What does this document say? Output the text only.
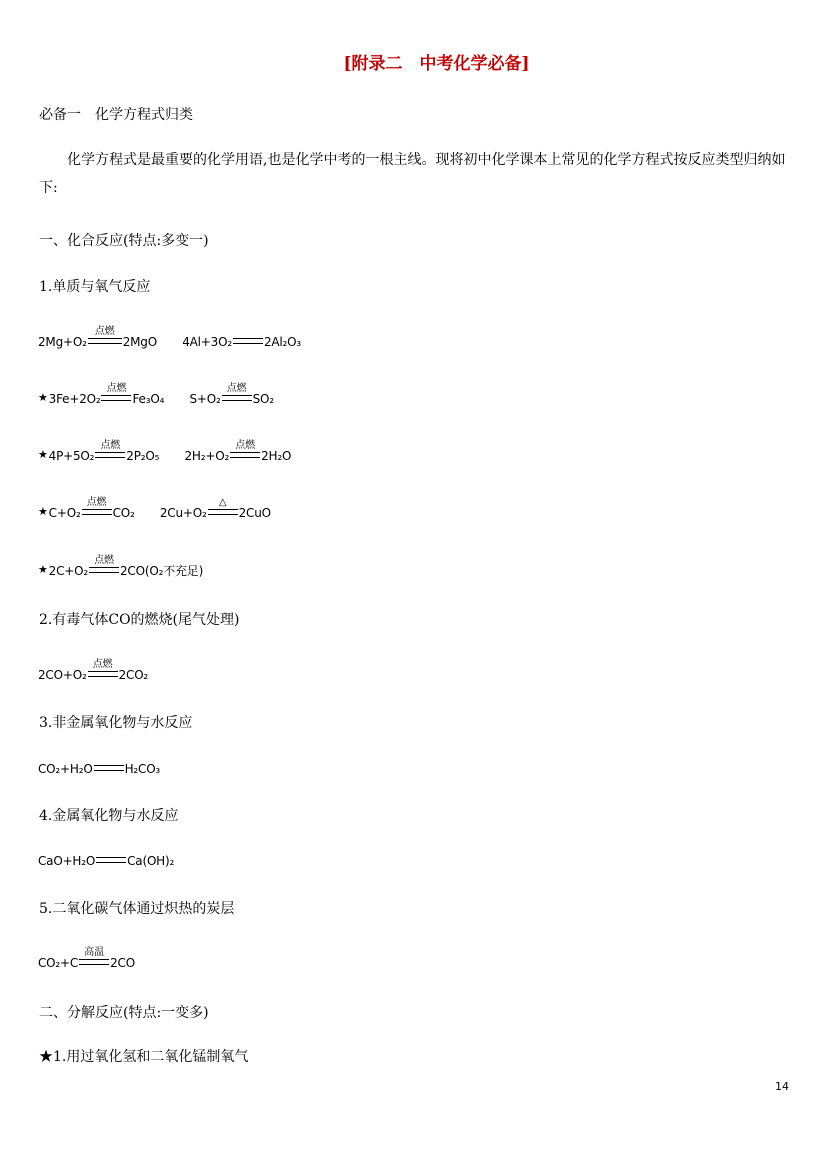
[附录二　中考化学必备]
必备一　化学方程式归类
化学方程式是最重要的化学用语,也是化学中考的一根主线。现将初中化学课本上常见的化学方程式按反应类型归纳如下:
一、化合反应(特点:多变一)
1.单质与氧气反应
2Mg+O₂
点燃
2MgO 4Al+3O₂	2Al₂O₃
★3Fe+2O₂
点燃
Fe₃O₄ S+O₂
点燃
SO₂
★4P+5O₂
点燃
2P₂O₅ 2H₂+O₂
点燃
2H₂O
★C+O₂
点燃
CO₂ 2Cu+O₂
△
2CuO
★2C+O₂
点燃
2CO(O₂不充足)
2.有毒气体CO的燃烧(尾气处理)
2CO+O₂
点燃
2CO₂
3.非金属氧化物与水反应
CO₂+H₂O	H₂CO₃
4.金属氧化物与水反应
CaO+H₂O	Ca(OH)₂
5.二氧化碳气体通过炽热的炭层
CO₂+C
高温
2CO
二、分解反应(特点:一变多)
★1.用过氧化氢和二氧化锰制氧气
14
